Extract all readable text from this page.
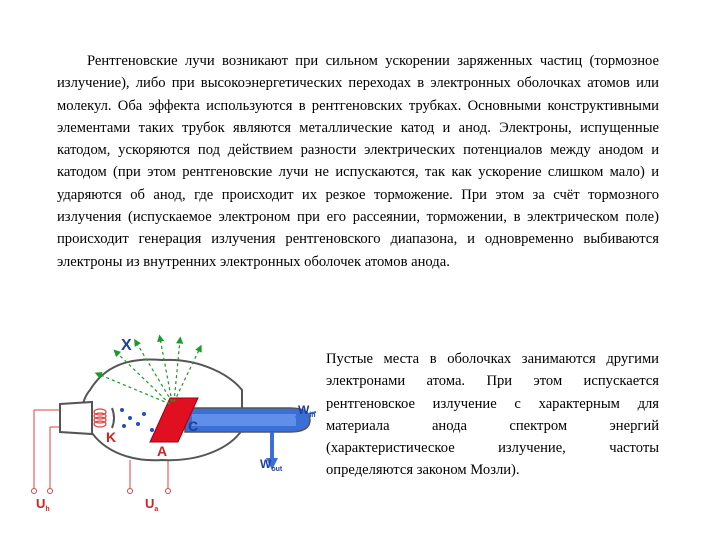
Рентгеновские лучи возникают при сильном ускорении заряженных частиц (тормозное излучение), либо при высокоэнергетических переходах в электронных оболочках атомов или молекул. Оба эффекта используются в рентгеновских трубках. Основными конструктивными элементами таких трубок являются металлические катод и анод. Электроны, испущенные катодом, ускоряются под действием разности электрических потенциалов между анодом и катодом (при этом рентгеновские лучи не испускаются, так как ускорение слишком мало) и ударяются об анод, где происходит их резкое торможение. При этом за счёт тормозного излучения (испускаемое электроном при его рассеянии, торможении, в электрическом поле) происходит генерация излучения рентгеновского диапазона, и одновременно выбиваются электроны из внутренних электронных оболочек атомов анода.

Пустые места в оболочках занимаются другими электронами атома. При этом испускается рентгеновское излучение с характерным для материала анода спектром энергий (характеристическое излучение, частоты определяются законом Мозли).

X
K
C
A
$W_{in}$
$W_{out}$
$U_h$	$U_a$
